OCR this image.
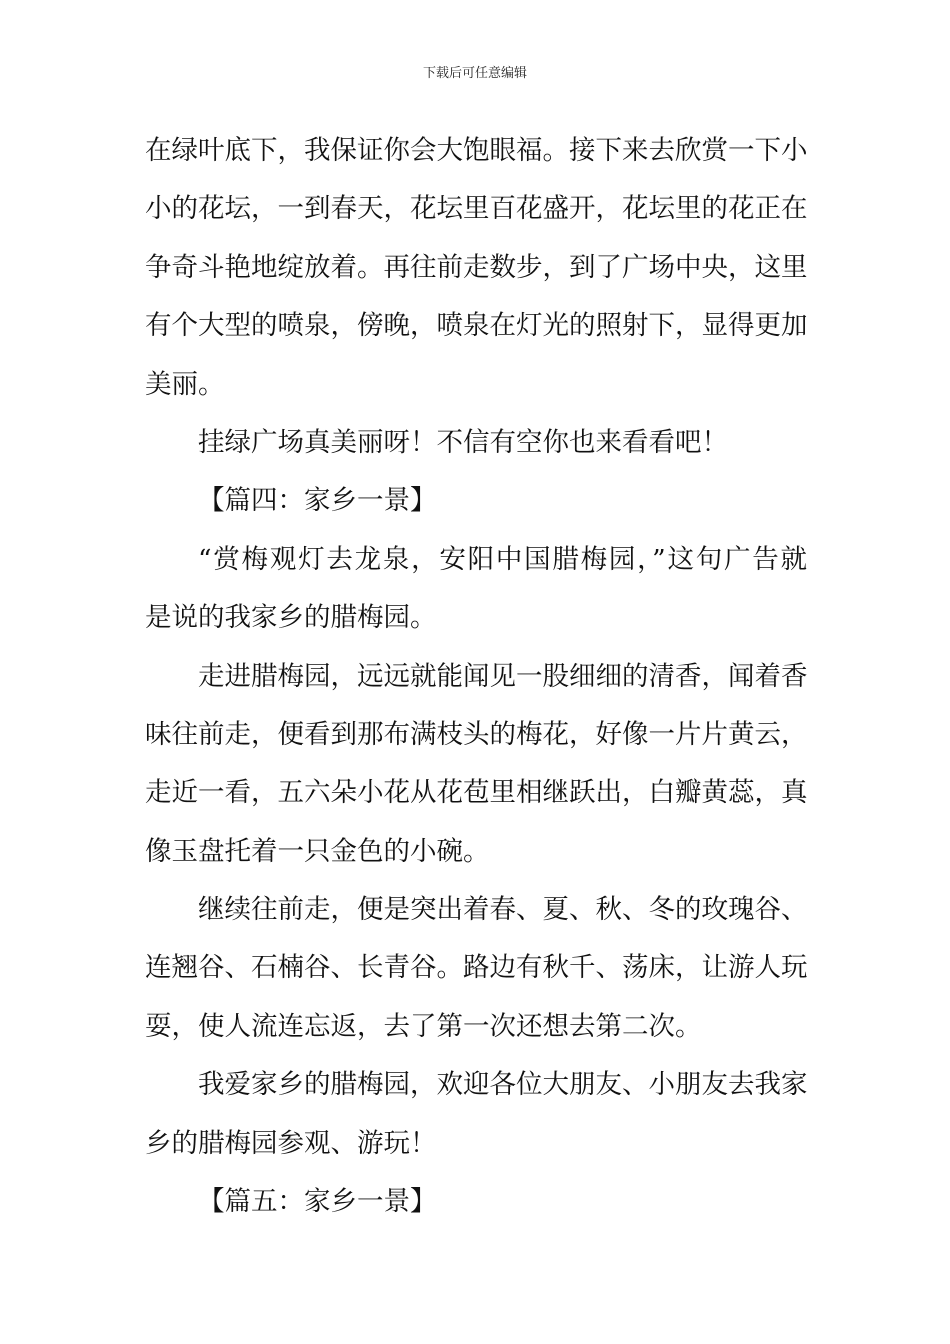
下载后可任意编辑
在绿叶底下，我保证你会大饱眼福。接下来去欣赏一下小
小的花坛，一到春天，花坛里百花盛开，花坛里的花正在
争奇斗艳地绽放着。再往前走数步，到了广场中央，这里
有个大型的喷泉，傍晚，喷泉在灯光的照射下，显得更加
美丽。
挂绿广场真美丽呀！不信有空你也来看看吧！
【篇四：家乡一景】
“赏梅观灯去龙泉，安阳中国腊梅园，”这句广告就
是说的我家乡的腊梅园。
走进腊梅园，远远就能闻见一股细细的清香，闻着香
味往前走，便看到那布满枝头的梅花，好像一片片黄云，
走近一看，五六朵小花从花苞里相继跃出，白瓣黄蕊，真
像玉盘托着一只金色的小碗。
继续往前走，便是突出着春、夏、秋、冬的玫瑰谷、
连翘谷、石楠谷、长青谷。路边有秋千、荡床，让游人玩
耍，使人流连忘返，去了第一次还想去第二次。
我爱家乡的腊梅园，欢迎各位大朋友、小朋友去我家
乡的腊梅园参观、游玩！
【篇五：家乡一景】
